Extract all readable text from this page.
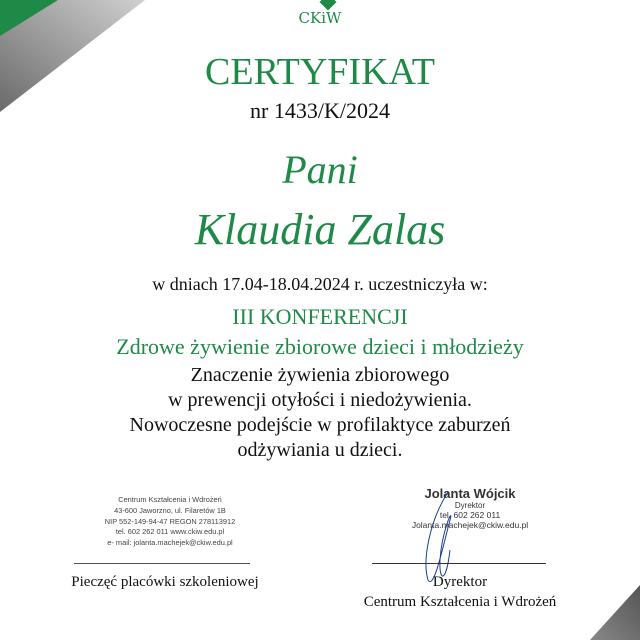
CKiW
CERTYFIKAT
nr 1433/K/2024
Pani
Klaudia Zalas
w dniach 17.04-18.04.2024 r. uczestniczyła w:
III KONFERENCJI
Zdrowe żywienie zbiorowe dzieci i młodzieży
Znaczenie żywienia zbiorowego
w prewencji otyłości i niedożywienia.
Nowoczesne podejście w profilaktyce zaburzeń
odżywiania u dzieci.
Centrum Kształcenia i Wdrożeń
43-600 Jaworzno, ul. Filaretów 1B
NIP 552-149-94-47 REGON 278113912
tel. 602 262 011 www.ckiw.edu.pl
e- mail: jolanta.machejek@ckiw.edu.pl
Pieczęć placówki szkoleniowej
Jolanta Wójcik
Dyrektor
tel. 602 262 011
Jolanta.machejek@ckiw.edu.pl
Dyrektor
Centrum Kształcenia i Wdrożeń
